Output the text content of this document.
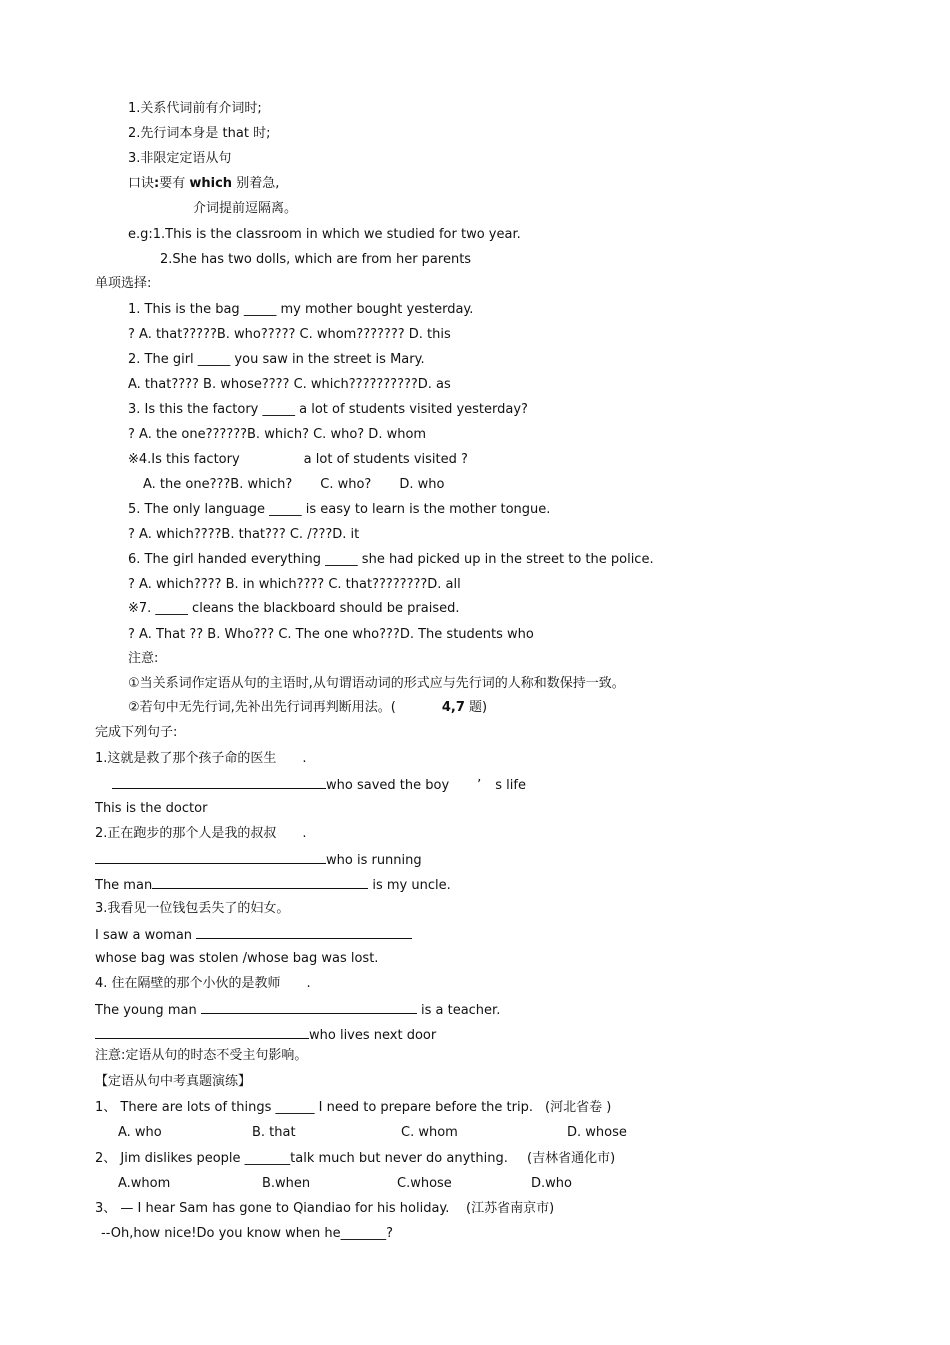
1.关系代词前有介词时;
2.先行词本身是 that 时;
3.非限定定语从句
口诀:要有 which 别着急,
介词提前逗隔离。
e.g:1.This is the classroom in which we studied for two year.
2.She has two dolls, which are from her parents
单项选择:
1. This is the bag _____ my mother bought yesterday.
? A. that?????B. who????? C. whom??????? D. this
2. The girl _____ you saw in the street is Mary.
A. that???? B. whose???? C. which??????????D. as
3. Is this the factory _____ a lot of students visited yesterday?
? A. the one??????B. which? C. who? D. whom
※4.Is this factory	a lot of students visited ?
A. the one???B. which? C. who? D. who
5. The only language _____ is easy to learn is the mother tongue.
? A. which????B. that??? C. /???D. it
6. The girl handed everything _____ she had picked up in the street to the police.
? A. which???? B. in which???? C. that????????D. all
※7. _____ cleans the blackboard should be praised.
? A. That ?? B. Who??? C. The one who???D. The students who
注意:
①当关系词作定语从句的主语时,从句谓语动词的形式应与先行词的人称和数保持一致。
②若句中无先行词,先补出先行词再判断用法。(	4,7 题)
完成下列句子:
1.这就是救了那个孩子命的医生 .
who saved the boy ’ s life
This is the doctor
2.正在跑步的那个人是我的叔叔 .
who is running
The man	is my uncle.
3.我看见一位钱包丢失了的妇女。
I saw a woman
whose bag was stolen /whose bag was lost.
4. 住在隔壁的那个小伙的是教师 .
The young man	is a teacher.
who lives next door
注意:定语从句的时态不受主句影响。
【定语从句中考真题演练】
1、 There are lots of things ______ I need to prepare before the trip. (河北省卷 )
A. who	B. that	C. whom	D. whose
2、 Jim dislikes people _______talk much but never do anything. (吉林省通化市)
A.whom	B.when	C.whose	D.who
3、 — I hear Sam has gone to Qiandiao for his holiday. (江苏省南京市)
--Oh,how nice!Do you know when he_______?
